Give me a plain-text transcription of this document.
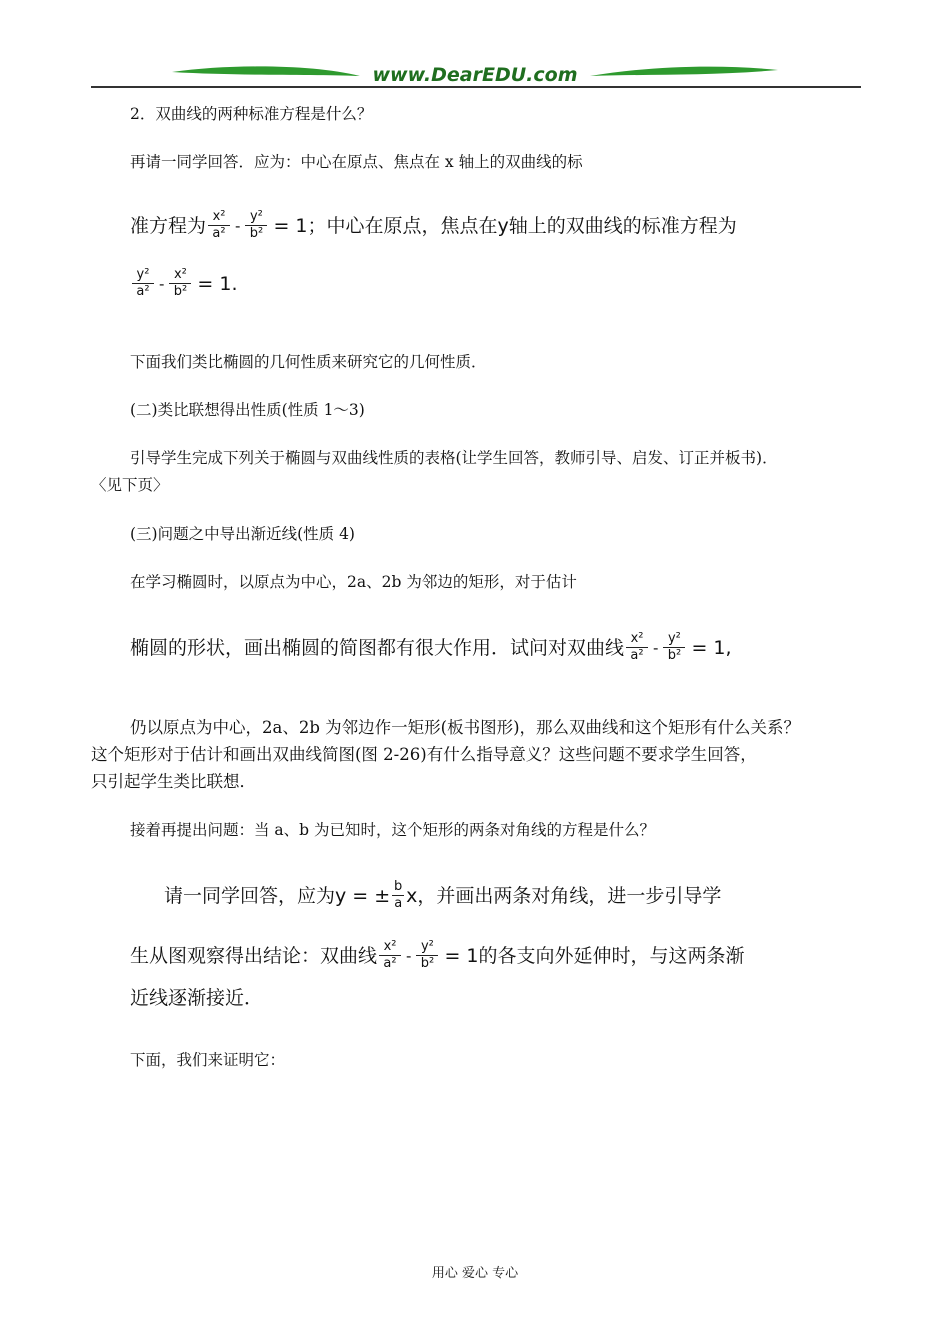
www.DearEDU.com
2．双曲线的两种标准方程是什么？
再请一同学回答．应为：中心在原点、焦点在 x 轴上的双曲线的标
准方程为 $\frac{\text{x²}}{\text{a²}} - \frac{\text{y²}}{\text{b²}} = 1$；中心在原点，焦点在y轴上的双曲线的标准方程为
$\frac{\text{y²}}{\text{a²}} - \frac{\text{x²}}{\text{b²}} = 1$.
下面我们类比椭圆的几何性质来研究它的几何性质．
(二)类比联想得出性质(性质 1～3)
引导学生完成下列关于椭圆与双曲线性质的表格(让学生回答，教师引导、启发、订正并板书)．
〈见下页〉
(三)问题之中导出渐近线(性质 4)
在学习椭圆时，以原点为中心，2a、2b 为邻边的矩形，对于估计
椭圆的形状，画出椭圆的简图都有很大作用．试问对双曲线 $\frac{\text{x²}}{\text{a²}} - \frac{\text{y²}}{\text{b²}} = 1$,
仍以原点为中心，2a、2b 为邻边作一矩形(板书图形)，那么双曲线和这个矩形有什么关系？
这个矩形对于估计和画出双曲线简图(图 2-26)有什么指导意义？这些问题不要求学生回答，
只引起学生类比联想．
接着再提出问题：当 a、b 为已知时，这个矩形的两条对角线的方程是什么？
请一同学回答，应为y = ± $\frac{b}{a}$ x，并画出两条对角线，进一步引导学
生从图观察得出结论：双曲线 $\frac{\text{x²}}{\text{a²}} - \frac{\text{y²}}{\text{b²}} = 1$的各支向外延伸时，与这两条渐
近线逐渐接近．
下面，我们来证明它：
用心 爱心 专心
